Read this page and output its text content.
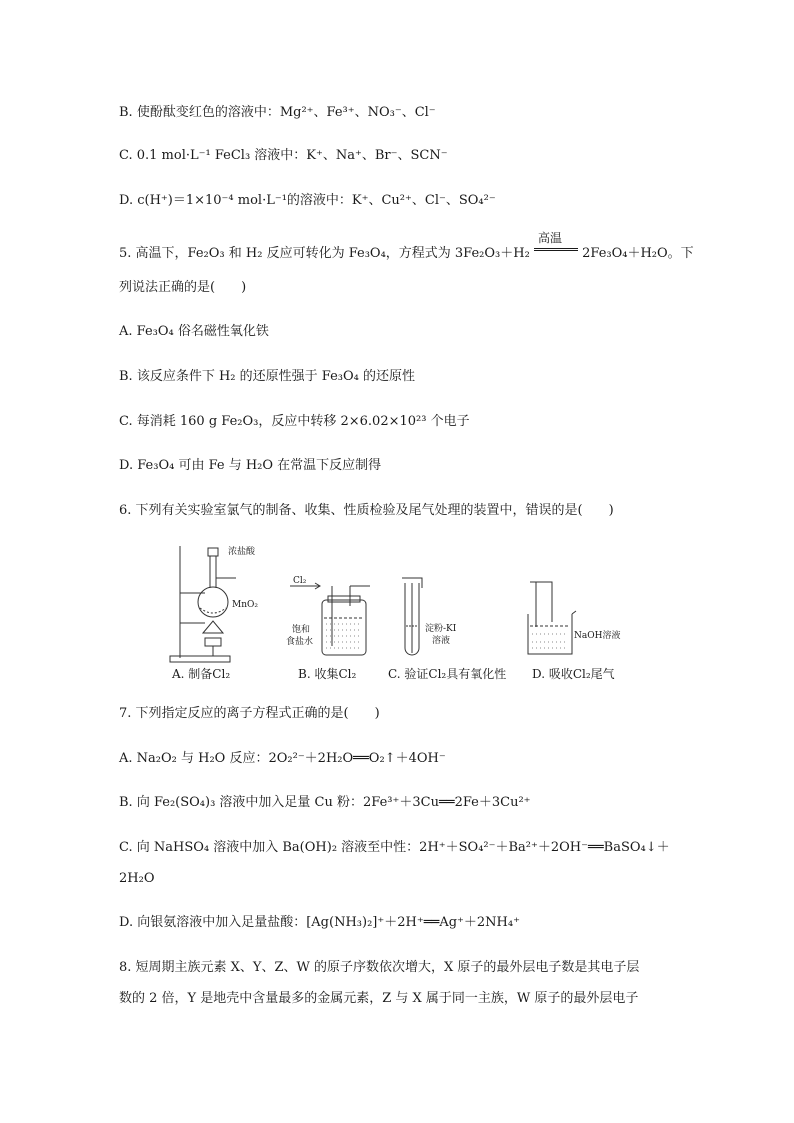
B. 使酚酞变红色的溶液中：Mg²⁺、Fe³⁺、NO₃⁻、Cl⁻
C. 0.1 mol·L⁻¹ FeCl₃ 溶液中：K⁺、Na⁺、Br⁻、SCN⁻
D. c(H⁺)＝1×10⁻⁴ mol·L⁻¹的溶液中：K⁺、Cu²⁺、Cl⁻、SO₄²⁻
5. 高温下，Fe₂O₃ 和 H₂ 反应可转化为 Fe₃O₄，方程式为 3Fe₂O₃＋H₂
高温
2Fe₃O₄＋H₂O。下
列说法正确的是(　　)
A. Fe₃O₄ 俗名磁性氧化铁
B. 该反应条件下 H₂ 的还原性强于 Fe₃O₄ 的还原性
C. 每消耗 160 g Fe₂O₃，反应中转移 2×6.02×10²³ 个电子
D. Fe₃O₄ 可由 Fe 与 H₂O 在常温下反应制得
6. 下列有关实验室氯气的制备、收集、性质检验及尾气处理的装置中，错误的是(　　)
浓盐酸
MnO₂
Cl₂
饱和
食盐水
淀粉-KI
溶液	NaOH溶液
A. 制备Cl₂	B. 收集Cl₂	C. 验证Cl₂具有氧化性 D. 吸收Cl₂尾气
7. 下列指定反应的离子方程式正确的是(　　)
A. Na₂O₂ 与 H₂O 反应：2O₂²⁻＋2H₂O══O₂↑＋4OH⁻
B. 向 Fe₂(SO₄)₃ 溶液中加入足量 Cu 粉：2Fe³⁺＋3Cu══2Fe＋3Cu²⁺
C. 向 NaHSO₄ 溶液中加入 Ba(OH)₂ 溶液至中性：2H⁺＋SO₄²⁻＋Ba²⁺＋2OH⁻══BaSO₄↓＋
2H₂O
D. 向银氨溶液中加入足量盐酸：[Ag(NH₃)₂]⁺＋2H⁺══Ag⁺＋2NH₄⁺
8. 短周期主族元素 X、Y、Z、W 的原子序数依次增大，X 原子的最外层电子数是其电子层
数的 2 倍，Y 是地壳中含量最多的金属元素，Z 与 X 属于同一主族，W 原子的最外层电子
